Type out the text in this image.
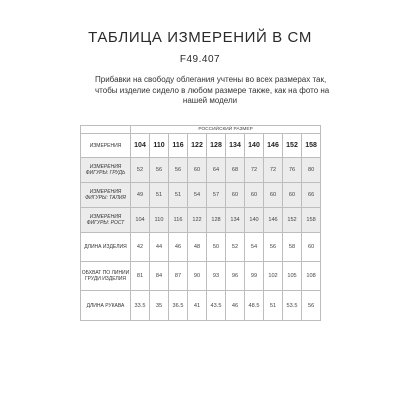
ТАБЛИЦА ИЗМЕРЕНИЙ В СМ
F49.407
Прибавки на свободу облегания учтены во всех размерах так,
чтобы изделие сидело в любом размере также, как на фото на
нашей модели
	РОССИЙСКИЙ РАЗМЕР									
ИЗМЕРЕНИЯ	104	110	116	122	128	134	140	146	152	158
ИЗМЕРЕНИЯ ФИГУРЫ: ГРУДЬ	52	56	56	60	64	68	72	72	76	80
ИЗМЕРЕНИЯ ФИГУРЫ: ТАЛИЯ	49	51	51	54	57	60	60	60	60	66
ИЗМЕРЕНИЯ ФИГУРЫ: РОСТ	104	110	116	122	128	134	140	146	152	158
ДЛИНА ИЗДЕЛИЯ	42	44	46	48	50	52	54	56	58	60
ОБХВАТ ПО ЛИНИИ ГРУДИ ИЗДЕЛИЯ	81	84	87	90	93	96	99	102	105	108
ДЛИНА РУКАВА	33.5	35	36.5	41	43.5	46	48.5	51	53.5	56
